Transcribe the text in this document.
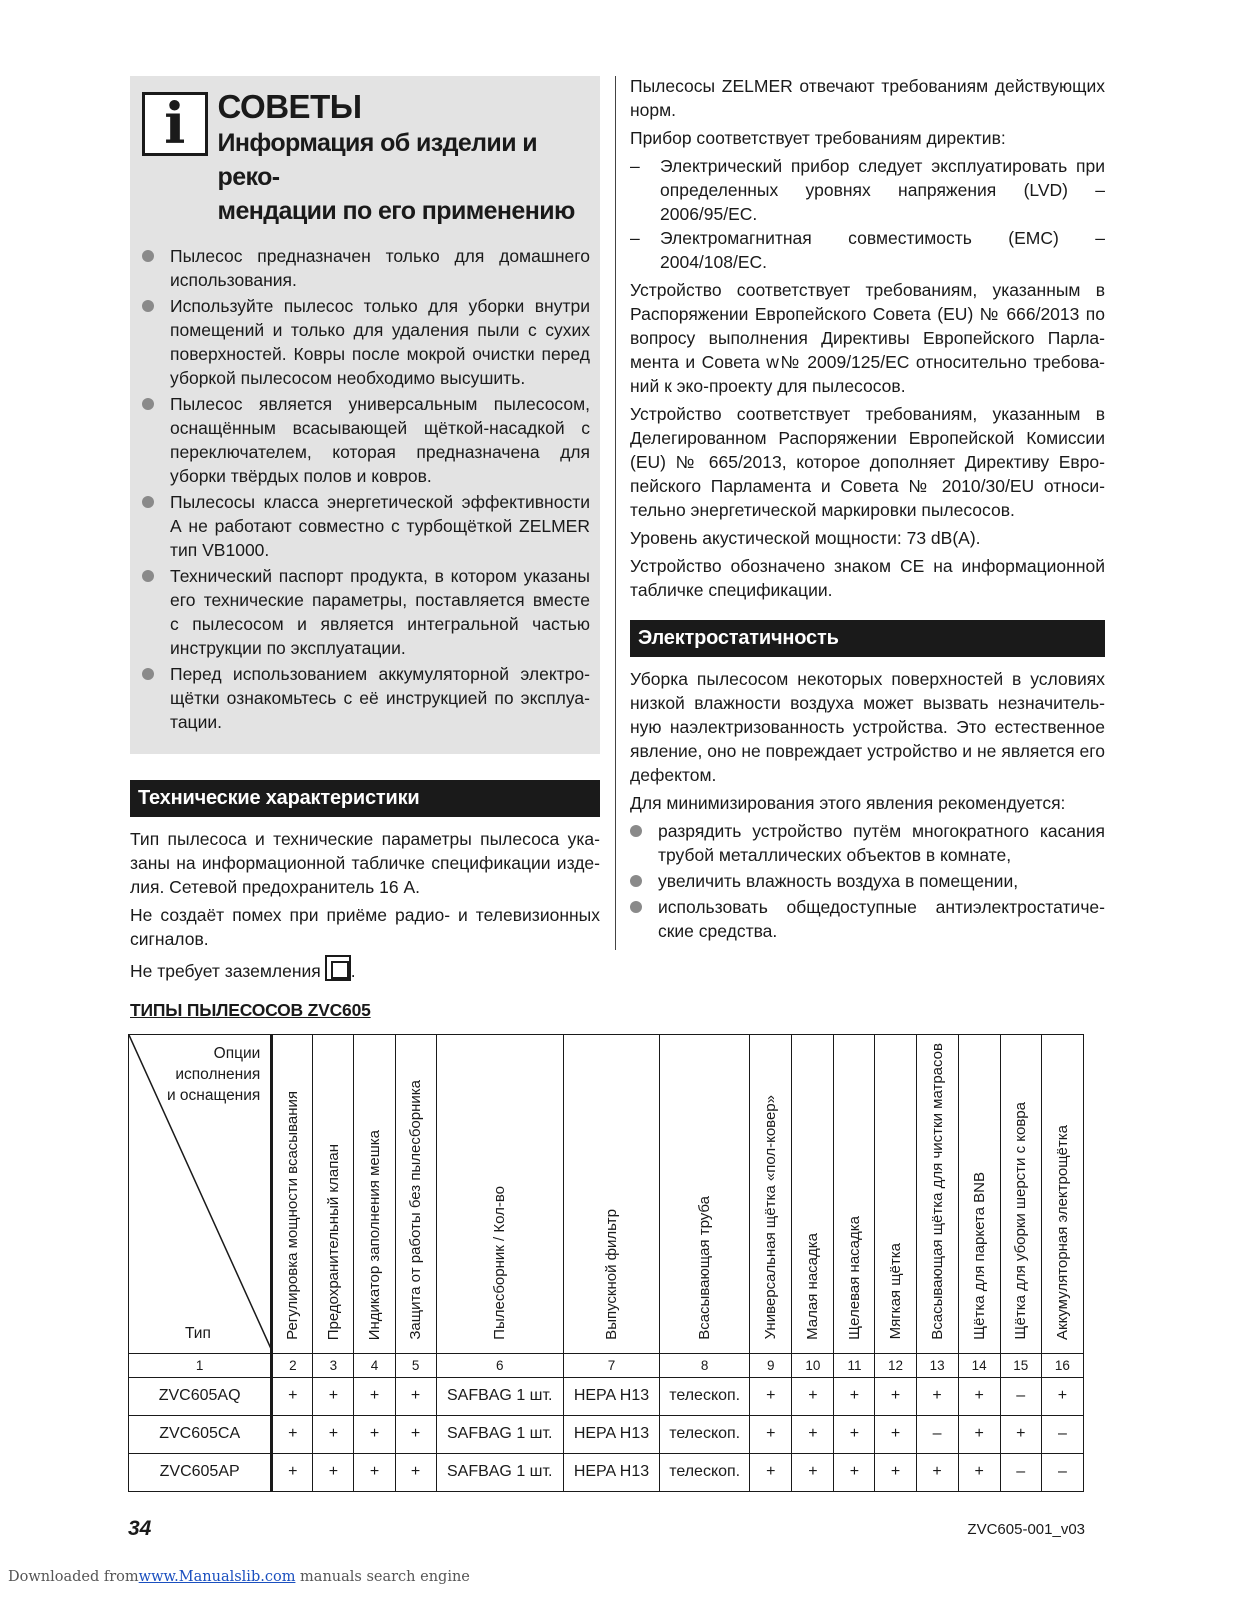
i СОВЕТЫ
Информация об изделии и реко-
мендации по его применению
Пылесос предназначен только для домашнего использования.
Используйте пылесос только для уборки внутри помещений и только для удаления пыли с сухих поверхностей. Ковры после мокрой очистки перед уборкой пылесосом необходимо высушить.
Пылесос является универсальным пылесосом, оснащённым всасывающей щёткой-насадкой с переключателем, которая предназначена для уборки твёрдых полов и ковров.
Пылесосы класса энергетической эффективности А не работают совместно с турбощёткой ZELMER тип VB1000.
Технический паспорт продукта, в котором указаны его технические параметры, поставляется вместе с пылесосом и является интегральной частью инструкции по эксплуатации.
Перед использованием аккумуляторной электрощётки ознакомьтесь с её инструкцией по эксплуатации.
Технические характеристики

Тип пылесоса и технические параметры пылесоса указаны на информационной табличке спецификации изделия. Сетевой предохранитель 16 А.

Не создаёт помех при приёме радио- и телевизионных сигналов.

Не требует заземления .

Пылесосы ZELMER отвечают требованиям действующих норм.

Прибор соответствует требованиям директив:

– Электрический прибор следует эксплуатировать при определенных уровнях напряжения (LVD) – 2006/95/EC.
– Электромагнитная совместимость (EMC) – 2004/108/EC.

Устройство соответствует требованиям, указанным в Распоряжении Европейского Совета (EU) № 666/2013 по вопросу выполнения Директивы Европейского Парламента и Совета w№ 2009/125/EC относительно требований к эко-проекту для пылесосов.

Устройство соответствует требованиям, указанным в Делегированном Распоряжении Европейской Комиссии (EU) № 665/2013, которое дополняет Директиву Европейского Парламента и Совета № 2010/30/EU относительно энергетической маркировки пылесосов.

Уровень акустической мощности: 73 dB(A).

Устройство обозначено знаком CE на информационной табличке спецификации.

Электростатичность

Уборка пылесосом некоторых поверхностей в условиях низкой влажности воздуха может вызвать незначительную наэлектризованность устройства. Это естественное явление, оно не повреждает устройство и не является его дефектом.

Для минимизирования этого явления рекомендуется:

разрядить устройство путём многократного касания трубой металлических объектов в комнате,
увеличить влажность воздуха в помещении,
использовать общедоступные антиэлектростатические средства.
ТИПЫ ПЫЛЕСОСОВ ZVC605
Опции
исполнения
и оснащения
Тип	Регулировка мощности всасывания	Предохранительный клапан	Индикатор заполнения мешка	Защита от работы без пылесборника	Пылесборник / Кол-во	Выпускной фильтр	Всасывающая труба	Универсальная щётка «пол-ковер»	Малая насадка	Щелевая насадка	Мягкая щётка	Всасывающая щётка для чистки матрасов	Щётка для паркета BNB	Щётка для уборки шерсти с ковра	Аккумуляторная электрощётка
1	2	3	4	5	6	7	8	9	10	11	12	13	14	15	16
ZVC605AQ	+	+	+	+	SAFBAG 1 шт.	HEPA H13	телескоп.	+	+	+	+	+	+	–	+
ZVC605CA	+	+	+	+	SAFBAG 1 шт.	HEPA H13	телескоп.	+	+	+	+	–	+	+	–
ZVC605AP	+	+	+	+	SAFBAG 1 шт.	HEPA H13	телескоп.	+	+	+	+	+	+	–	–
34	ZVC605-001_v03
Downloaded fromwww.Manualslib.com manuals search engine
